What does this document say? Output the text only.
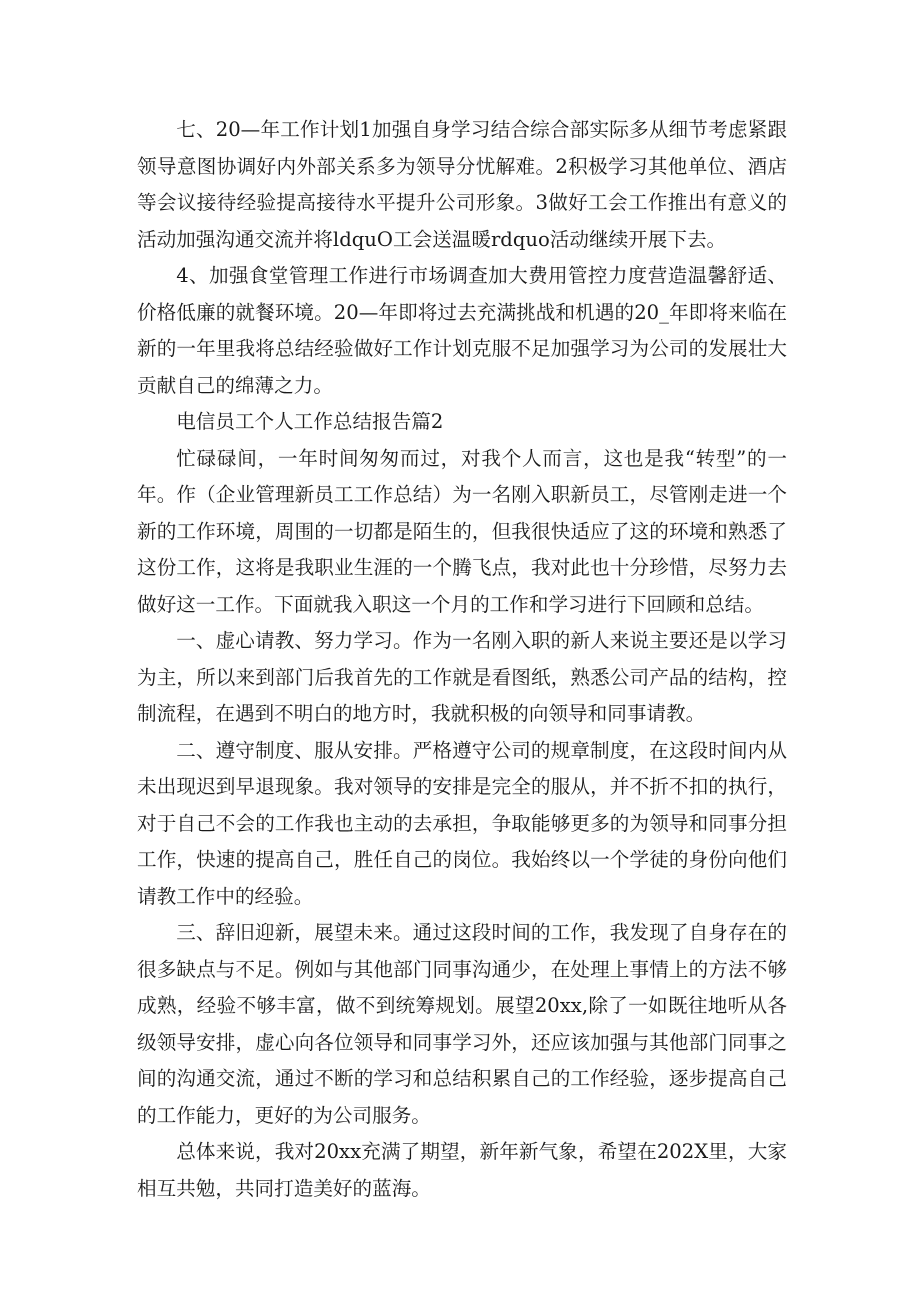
七、20—年工作计划1加强自身学习结合综合部实际多从细节考虑紧跟领导意图协调好内外部关系多为领导分忧解难。2积极学习其他单位、酒店等会议接待经验提高接待水平提升公司形象。3做好工会工作推出有意义的活动加强沟通交流并将ldquO工会送温暖rdquo活动继续开展下去。

4、加强食堂管理工作进行市场调查加大费用管控力度营造温馨舒适、价格低廉的就餐环境。20—年即将过去充满挑战和机遇的20_年即将来临在新的一年里我将总结经验做好工作计划克服不足加强学习为公司的发展壮大贡献自己的绵薄之力。

电信员工个人工作总结报告篇2

忙碌碌间，一年时间匆匆而过，对我个人而言，这也是我“转型”的一年。作（企业管理新员工工作总结）为一名刚入职新员工，尽管刚走进一个新的工作环境，周围的一切都是陌生的，但我很快适应了这的环境和熟悉了这份工作，这将是我职业生涯的一个腾飞点，我对此也十分珍惜，尽努力去做好这一工作。下面就我入职这一个月的工作和学习进行下回顾和总结。

一、虚心请教、努力学习。作为一名刚入职的新人来说主要还是以学习为主，所以来到部门后我首先的工作就是看图纸，熟悉公司产品的结构，控制流程，在遇到不明白的地方时，我就积极的向领导和同事请教。

二、遵守制度、服从安排。严格遵守公司的规章制度，在这段时间内从未出现迟到早退现象。我对领导的安排是完全的服从，并不折不扣的执行，对于自己不会的工作我也主动的去承担，争取能够更多的为领导和同事分担工作，快速的提高自己，胜任自己的岗位。我始终以一个学徒的身份向他们请教工作中的经验。

三、辞旧迎新，展望未来。通过这段时间的工作，我发现了自身存在的很多缺点与不足。例如与其他部门同事沟通少，在处理上事情上的方法不够成熟，经验不够丰富，做不到统筹规划。展望20xx,除了一如既往地听从各级领导安排，虚心向各位领导和同事学习外，还应该加强与其他部门同事之间的沟通交流，通过不断的学习和总结积累自己的工作经验，逐步提高自己的工作能力，更好的为公司服务。

总体来说，我对20xx充满了期望，新年新气象，希望在202X里，大家相互共勉，共同打造美好的蓝海。
